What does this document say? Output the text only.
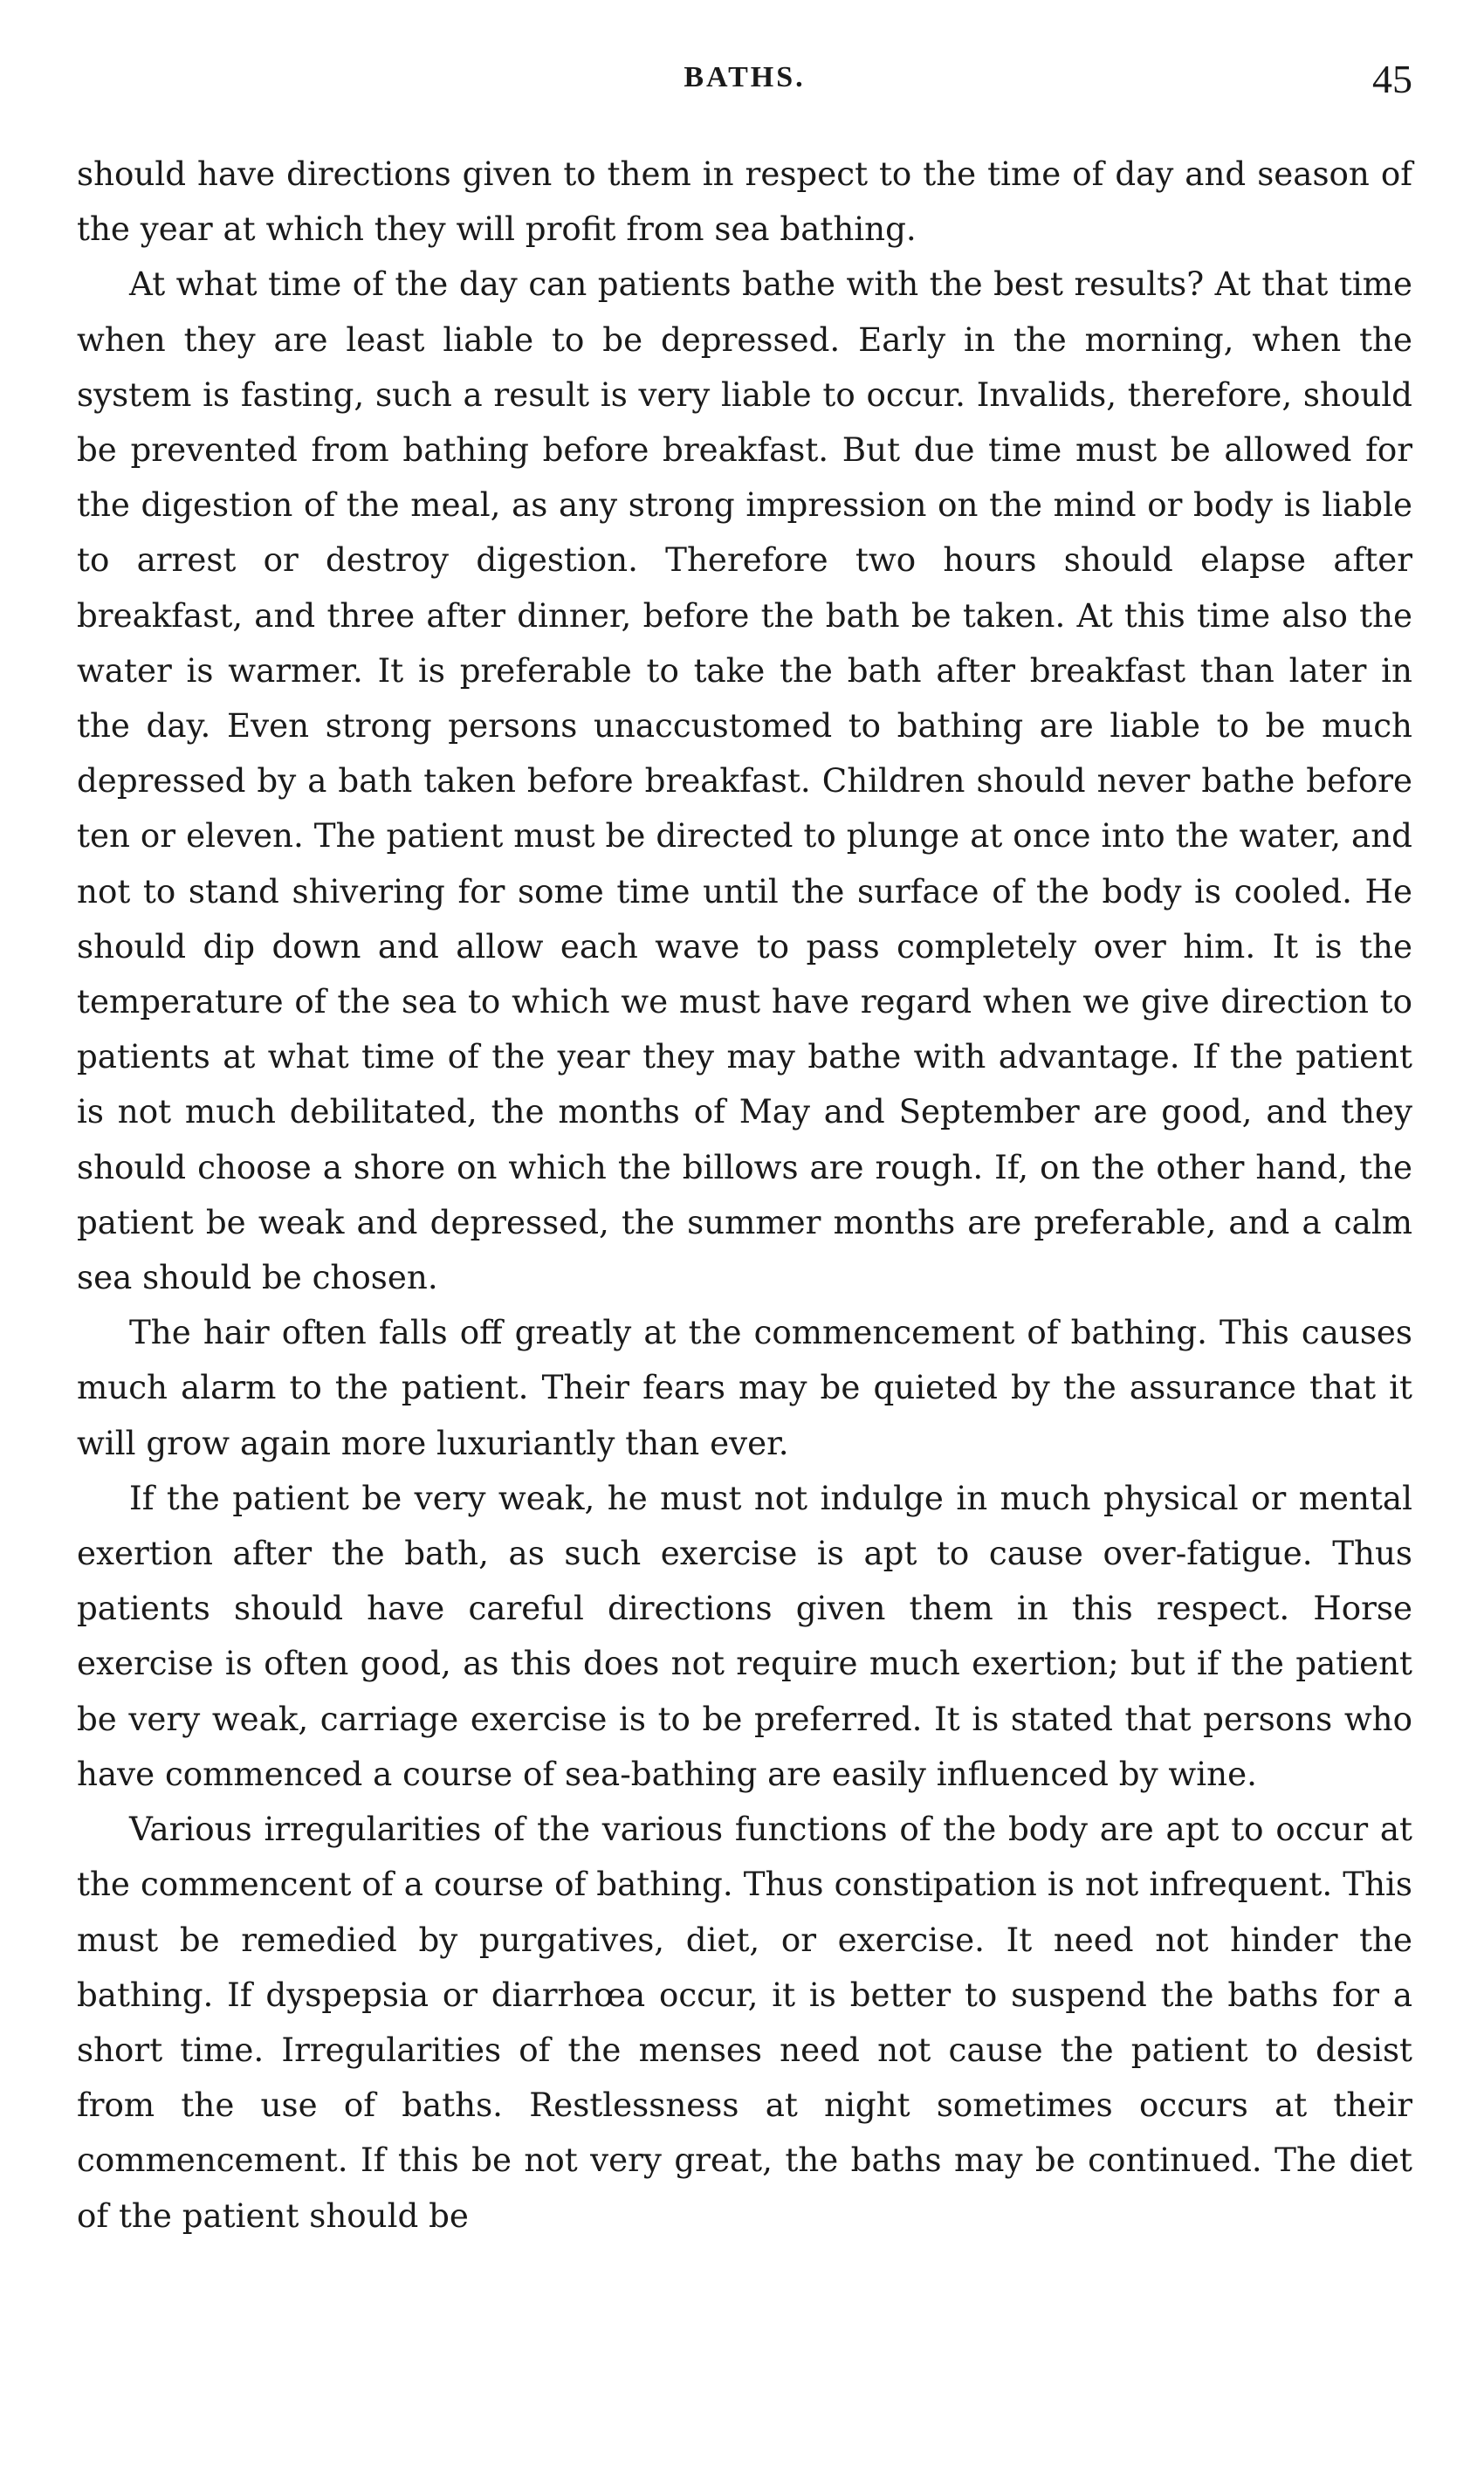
BATHS.	45

should have directions given to them in respect to the time of day and season of the year at which they will profit from sea bathing.

At what time of the day can patients bathe with the best results? At that time when they are least liable to be depressed. Early in the morning, when the system is fasting, such a result is very liable to occur. Invalids, therefore, should be prevented from bathing before breakfast. But due time must be allowed for the digestion of the meal, as any strong impression on the mind or body is liable to arrest or destroy digestion. Therefore two hours should elapse after breakfast, and three after dinner, before the bath be taken. At this time also the water is warmer. It is preferable to take the bath after breakfast than later in the day. Even strong persons unaccustomed to bathing are liable to be much depressed by a bath taken before breakfast. Children should never bathe before ten or eleven. The patient must be directed to plunge at once into the water, and not to stand shivering for some time until the surface of the body is cooled. He should dip down and allow each wave to pass completely over him. It is the temperature of the sea to which we must have regard when we give direction to patients at what time of the year they may bathe with advantage. If the patient is not much debilitated, the months of May and September are good, and they should choose a shore on which the billows are rough. If, on the other hand, the patient be weak and depressed, the summer months are preferable, and a calm sea should be chosen.

The hair often falls off greatly at the commencement of bathing. This causes much alarm to the patient. Their fears may be quieted by the assurance that it will grow again more luxuriantly than ever.

If the patient be very weak, he must not indulge in much physical or mental exertion after the bath, as such exercise is apt to cause over-fatigue. Thus patients should have careful directions given them in this respect. Horse exercise is often good, as this does not require much exertion; but if the patient be very weak, carriage exercise is to be preferred. It is stated that persons who have commenced a course of sea-bathing are easily influenced by wine.

Various irregularities of the various functions of the body are apt to occur at the commencent of a course of bathing. Thus constipation is not infrequent. This must be remedied by purgatives, diet, or exercise. It need not hinder the bathing. If dyspepsia or diarrhœa occur, it is better to suspend the baths for a short time. Irregularities of the menses need not cause the patient to desist from the use of baths. Restlessness at night sometimes occurs at their commencement. If this be not very great, the baths may be continued. The diet of the patient should be
